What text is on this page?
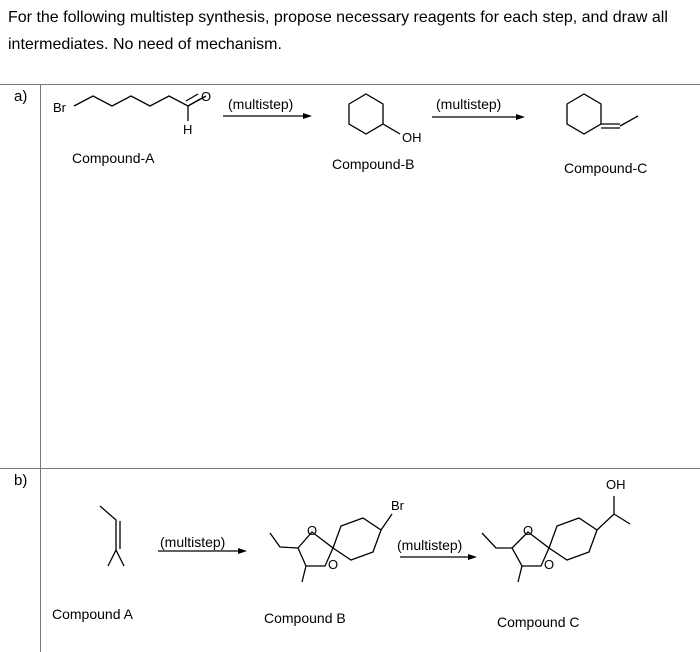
For the following multistep synthesis, propose necessary reagents for each step, and draw all intermediates. No need of mechanism.
a)
b)
Br
O
H
(multistep)
OH
(multistep)
Compound-A	Compound-B	Compound-C
(multistep)
O
O
Br
(multistep)
O
O
OH
Compound A	Compound B	Compound C
